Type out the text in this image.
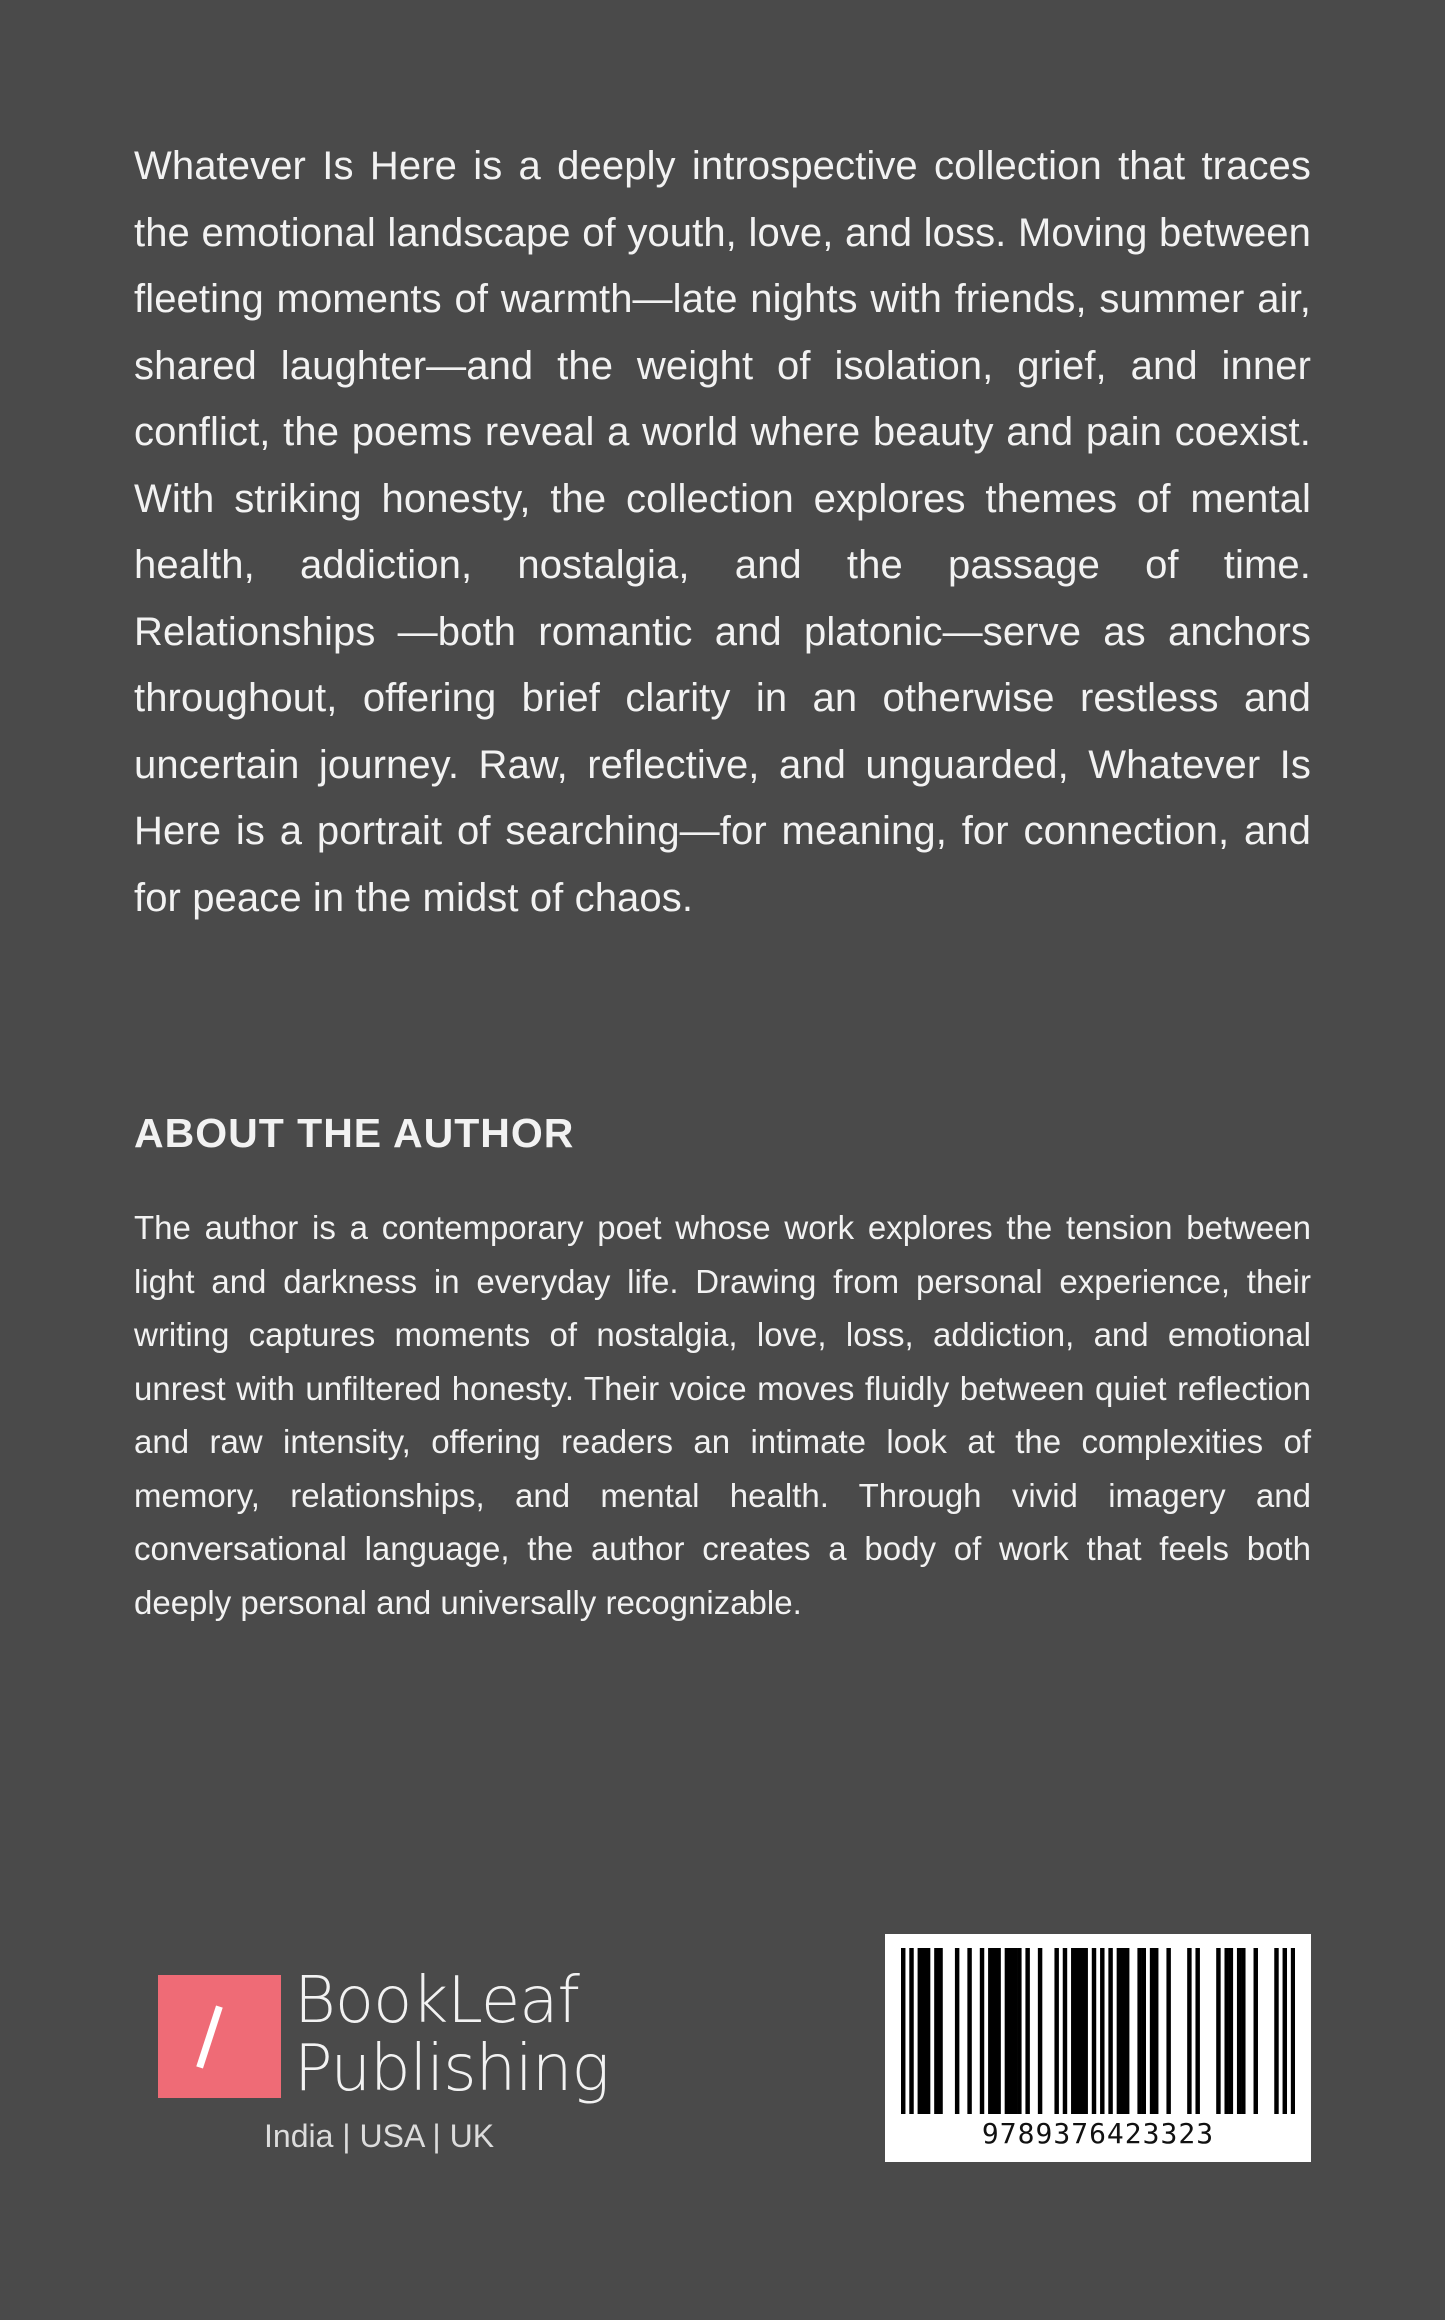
Whatever Is Here is a deeply introspective collection that traces the emotional landscape of youth, love, and loss. Moving between fleeting moments of warmth—late nights with friends, summer air, shared laughter—and the weight of isolation, grief, and inner conflict, the poems reveal a world where beauty and pain coexist. With striking honesty, the collection explores themes of mental health, addiction, nostalgia, and the passage of time. Relationships —both romantic and platonic—serve as anchors throughout, offering brief clarity in an otherwise restless and uncertain journey. Raw, reflective, and unguarded, Whatever Is Here is a portrait of searching—for meaning, for connection, and for peace in the midst of chaos.

ABOUT THE AUTHOR

The author is a contemporary poet whose work explores the tension between light and darkness in everyday life. Drawing from personal experience, their writing captures moments of nostalgia, love, loss, addiction, and emotional unrest with unfiltered honesty. Their voice moves fluidly between quiet reflection and raw intensity, offering readers an intimate look at the complexities of memory, relationships, and mental health. Through vivid imagery and conversational language, the author creates a body of work that feels both deeply personal and universally recognizable.

BookLeaf
Publishing
India | USA | UK	9789376423323
